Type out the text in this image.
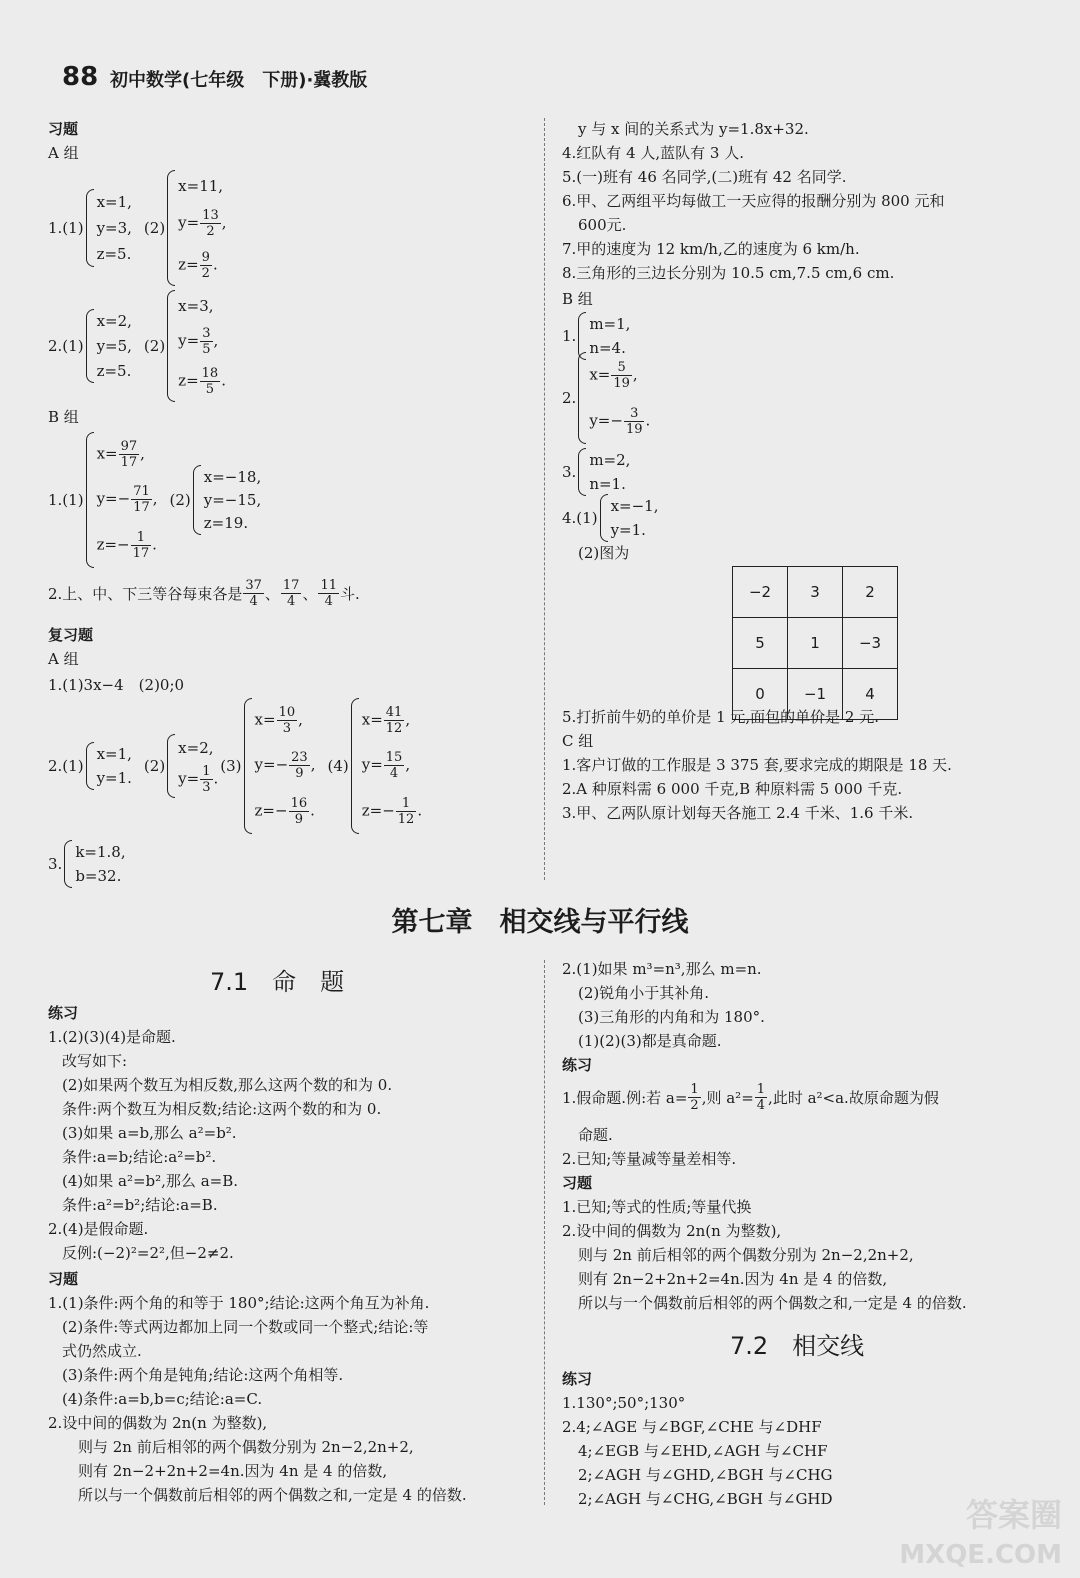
88 初中数学(七年级　下册)·冀教版
习题
A 组
1.(1)
x=1,
y=3,
z=5.
(2)
x=11,
$y= \frac{13}{2}$ ,
$z= \frac{9}{2}$ .
2.(1)
x=2,
y=5,
z=5.
(2)
x=3,
$y= \frac{3}{5}$ ,
$z= \frac{18}{5}$ .
B 组
1.(1)
$x= \frac{97}{17}$ ,
$y=- \frac{71}{17}$ ,
$z=- \frac{1}{17}$ .
(2)
x=−18,
y=−15,
z=19.
2.上、中、下三等谷每束各是 $\frac{37}{4}$ 、 $\frac{17}{4}$ 、 $\frac{11}{4}$ 斗.
复习题
A 组
1.(1)3x−4　(2)0;0
2.(1)
x=1,
y=1.
(2)
x=2,
$y= \frac{1}{3}$ .
(3)
$x= \frac{10}{3}$ ,
$y=- \frac{23}{9}$ ,
$z=- \frac{16}{9}$ .
(4)
$x= \frac{41}{12}$ ,
$y= \frac{15}{4}$ ,
$z=- \frac{1}{12}$ .
3.
k=1.8,
b=32.
y 与 x 间的关系式为 y=1.8x+32.
4.红队有 4 人,蓝队有 3 人.
5.(一)班有 46 名同学,(二)班有 42 名同学.
6.甲、乙两组平均每做工一天应得的报酬分别为 800 元和
600元.
7.甲的速度为 12 km/h,乙的速度为 6 km/h.
8.三角形的三边长分别为 10.5 cm,7.5 cm,6 cm.
B 组
1.
m=1,
n=4.
2.
$x= \frac{5}{19}$ ,
$y=- \frac{3}{19}$ .
3.
m=2,
n=1.
4.(1)
x=−1,
y=1.
(2)图为
−2	3	2
5	1	−3
0	−1	4
5.打折前牛奶的单价是 1 元,面包的单价是 2 元.
C 组
1.客户订做的工作服是 3 375 套,要求完成的期限是 18 天.
2.A 种原料需 6 000 千克,B 种原料需 5 000 千克.
3.甲、乙两队原计划每天各施工 2.4 千米、1.6 千米.
第七章　相交线与平行线
7.1　命　题
练习
1.(2)(3)(4)是命题.
改写如下:
(2)如果两个数互为相反数,那么这两个数的和为 0.
条件:两个数互为相反数;结论:这两个数的和为 0.
(3)如果 a=b,那么 a²=b².
条件:a=b;结论:a²=b².
(4)如果 a²=b²,那么 a=B.
条件:a²=b²;结论:a=B.
2.(4)是假命题.
反例:(−2)²=2²,但−2≠2.
习题
1.(1)条件:两个角的和等于 180°;结论:这两个角互为补角.
(2)条件:等式两边都加上同一个数或同一个整式;结论:等
式仍然成立.
(3)条件:两个角是钝角;结论:这两个角相等.
(4)条件:a=b,b=c;结论:a=C.
2.设中间的偶数为 2n(n 为整数),
则与 2n 前后相邻的两个偶数分别为 2n−2,2n+2,
则有 2n−2+2n+2=4n.因为 4n 是 4 的倍数,
所以与一个偶数前后相邻的两个偶数之和,一定是 4 的倍数.
2.(1)如果 m³=n³,那么 m=n.
(2)锐角小于其补角.
(3)三角形的内角和为 180°.
(1)(2)(3)都是真命题.
练习
1.假命题.例:若 $a= \frac{1}{2}$ ,则 $a^2= \frac{1}{4}$ ,此时 a²<a.故原命题为假
命题.
2.已知;等量减等量差相等.
习题
1.已知;等式的性质;等量代换
2.设中间的偶数为 2n(n 为整数),
则与 2n 前后相邻的两个偶数分别为 2n−2,2n+2,
则有 2n−2+2n+2=4n.因为 4n 是 4 的倍数,
所以与一个偶数前后相邻的两个偶数之和,一定是 4 的倍数.
7.2　相交线
练习
1.130°;50°;130°
2.4;∠AGE 与∠BGF,∠CHE 与∠DHF
4;∠EGB 与∠EHD,∠AGH 与∠CHF
2;∠AGH 与∠GHD,∠BGH 与∠CHG
2;∠AGH 与∠CHG,∠BGH 与∠GHD	答案圈
MXQE.COM
